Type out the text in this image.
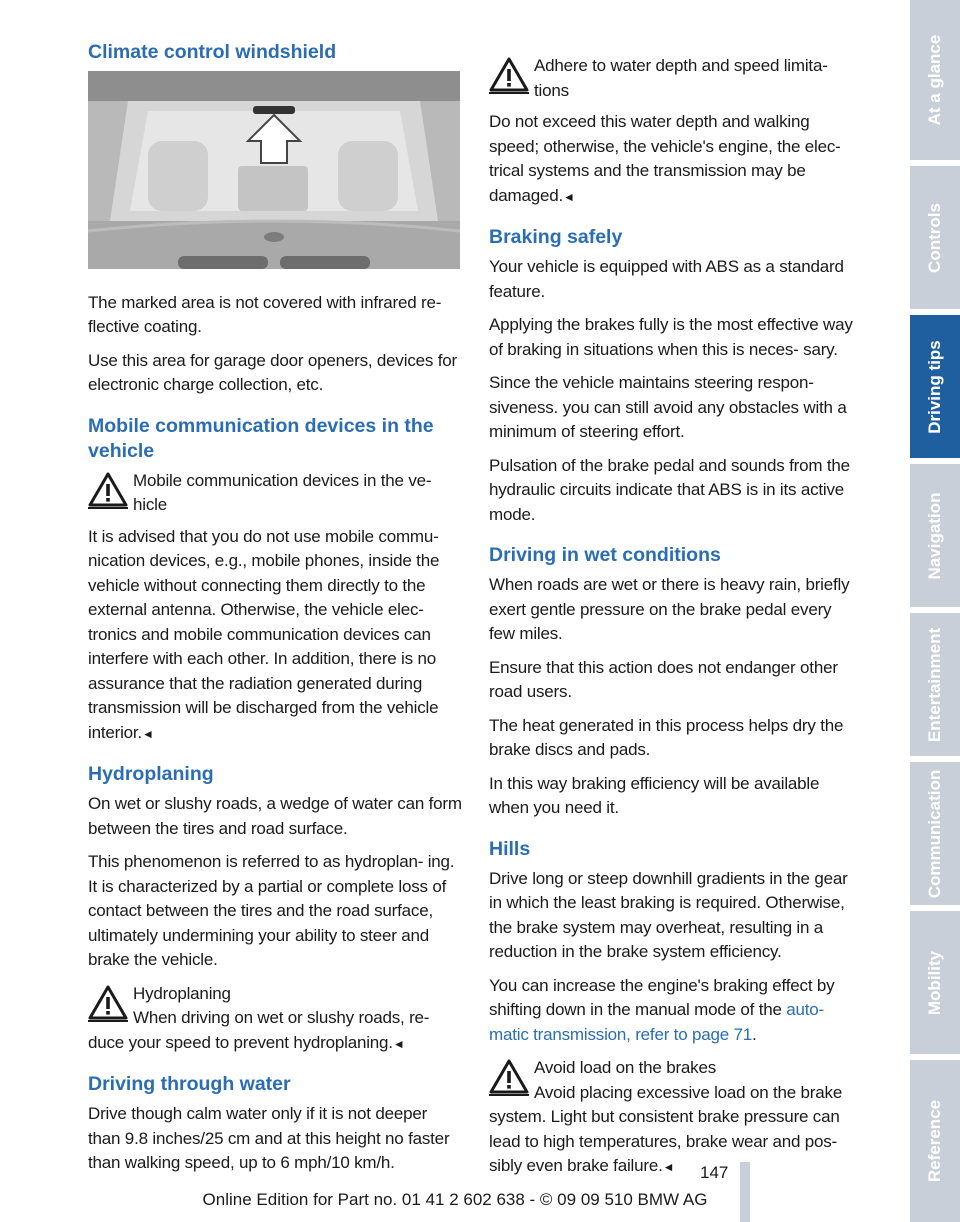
Climate control windshield

The marked area is not covered with infrared re- flective coating.

Use this area for garage door openers, devices for electronic charge collection, etc.

Mobile communication devices in the vehicle
Mobile communication devices in the ve- hicle

It is advised that you do not use mobile commu- nication devices, e.g., mobile phones, inside the vehicle without connecting them directly to the external antenna. Otherwise, the vehicle elec- tronics and mobile communication devices can interfere with each other. In addition, there is no assurance that the radiation generated during transmission will be discharged from the vehicle interior.◄

Hydroplaning

On wet or slushy roads, a wedge of water can form between the tires and road surface.

This phenomenon is referred to as hydroplan- ing. It is characterized by a partial or complete loss of contact between the tires and the road surface, ultimately undermining your ability to steer and brake the vehicle.

Hydroplaning
When driving on wet or slushy roads, re- duce your speed to prevent hydroplaning.◄
Driving through water

Drive though calm water only if it is not deeper than 9.8 inches/25 cm and at this height no faster than walking speed, up to 6 mph/10 km/h.

Adhere to water depth and speed limita- tions

Do not exceed this water depth and walking speed; otherwise, the vehicle's engine, the elec- trical systems and the transmission may be damaged.◄

Braking safely

Your vehicle is equipped with ABS as a standard feature.

Applying the brakes fully is the most effective way of braking in situations when this is neces- sary.

Since the vehicle maintains steering respon- siveness. you can still avoid any obstacles with a minimum of steering effort.

Pulsation of the brake pedal and sounds from the hydraulic circuits indicate that ABS is in its active mode.

Driving in wet conditions

When roads are wet or there is heavy rain, briefly exert gentle pressure on the brake pedal every few miles.

Ensure that this action does not endanger other road users.

The heat generated in this process helps dry the brake discs and pads.

In this way braking efficiency will be available when you need it.

Hills

Drive long or steep downhill gradients in the gear in which the least braking is required. Otherwise, the brake system may overheat, resulting in a reduction in the brake system efficiency.

You can increase the engine's braking effect by shifting down in the manual mode of the auto- matic transmission, refer to page 71.

Avoid load on the brakes
Avoid placing excessive load on the brake system. Light but consistent brake pressure can lead to high temperatures, brake wear and pos- sibly even brake failure.◄
At a glance
Controls
Driving tips
Navigation
Entertainment
Communication
Mobility
Reference
147
Online Edition for Part no. 01 41 2 602 638 - © 09 09 510 BMW AG
